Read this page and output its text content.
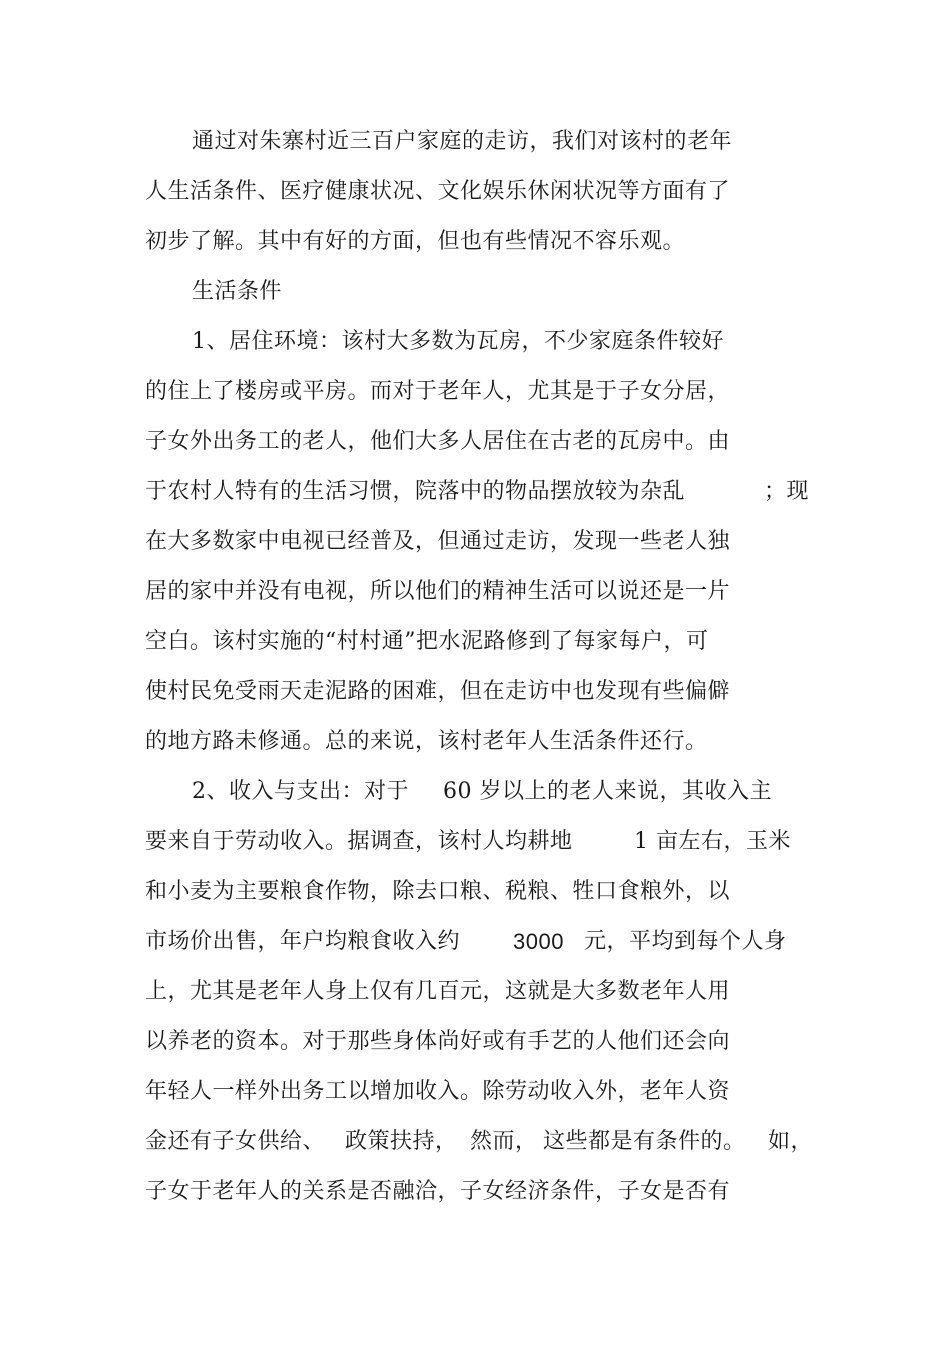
通过对朱寨村近三百户家庭的走访，我们对该村的老年
人生活条件、医疗健康状况、文化娱乐休闲状况等方面有了
初步了解。其中有好的方面，但也有些情况不容乐观。
生活条件
1、居住环境：该村大多数为瓦房，不少家庭条件较好
的住上了楼房或平房。而对于老年人，尤其是于子女分居，
子女外出务工的老人，他们大多人居住在古老的瓦房中。由
于农村人特有的生活习惯，院落中的物品摆放较为杂乱	；现
在大多数家中电视已经普及，但通过走访，发现一些老人独
居的家中并没有电视，所以他们的精神生活可以说还是一片
空白。该村实施的“村村通”把水泥路修到了每家每户，可
使村民免受雨天走泥路的困难，但在走访中也发现有些偏僻
的地方路未修通。总的来说，该村老年人生活条件还行。
2、收入与支出：对于 60 岁以上的老人来说，其收入主
要来自于劳动收入。据调查，该村人均耕地	1 亩左右，玉米
和小麦为主要粮食作物，除去口粮、税粮、牲口食粮外，以
市场价出售，年户均粮食收入约 3000 元，平均到每个人身
上，尤其是老年人身上仅有几百元，这就是大多数老年人用
以养老的资本。对于那些身体尚好或有手艺的人他们还会向
年轻人一样外出务工以增加收入。除劳动收入外，老年人资
金还有子女供给、 政策扶持， 然而， 这些都是有条件的。 如，
子女于老年人的关系是否融洽，子女经济条件，子女是否有
